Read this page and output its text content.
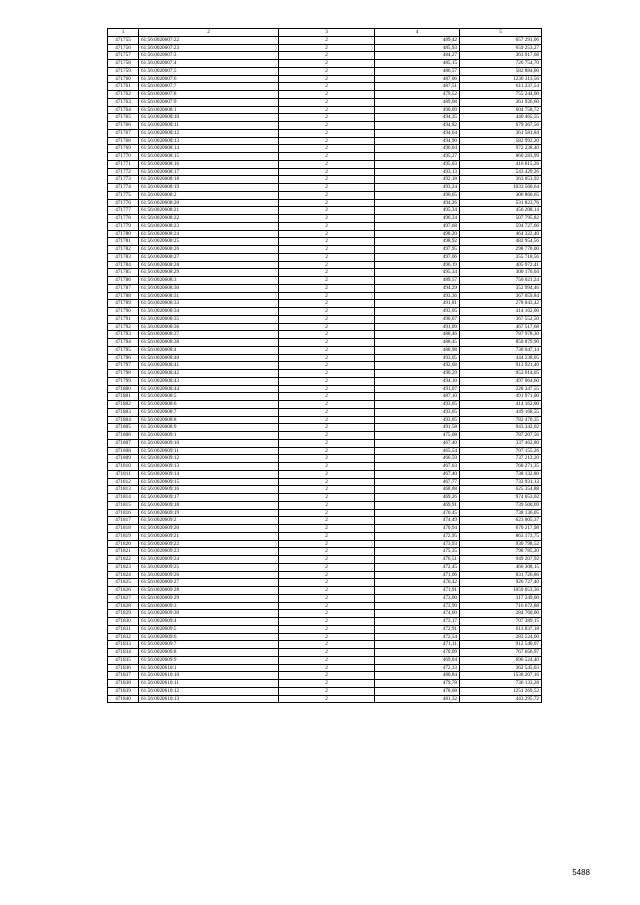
1	2	3	4	5
471755	61:56:0020607:22	2	489,42	657 291,06
471756	61:56:0020607:23	2	485,93	659 253,27
471757	61:56:0020607:3	2	484,27	363 917,68
471758	61:56:0020607:4	2	485,15	726 754,70
471759	61:56:0020607:5	2	486,57	582 884,00
471760	61:56:0020607:6	2	487,06	1230 313,56
471761	61:56:0020607:7	2	487,51	611 337,54
471762	61:56:0020607:8	2	479,52	755 244,00
471763	61:56:0020607:9	2	489,08	361 926,60
471764	61:56:0020608:1	2	490,09	604 758,72
471765	61:56:0020608:10	2	494,35	440 465,55
471766	61:56:0020608:11	2	494,82	679 367,56
471767	61:56:0020608:12	2	494,64	361 581,84
471768	61:56:0020608:13	2	494,90	582 992,20
471769	61:56:0020608:14	2	496,04	972 238,40
471770	61:56:0020608:15	2	495,27	860 283,99
471771	61:56:0020608:16	2	495,03	416 815,26
471772	61:56:0020608:17	2	493,13	543 429,26
471773	61:56:0020608:18	2	492,18	363 053,92
471774	61:56:0020608:19	2	493,24	1033 560,64
471775	61:56:0020608:2	2	490,65	306 860,65
471776	61:56:0020608:20	2	494,26	531 823,76
471777	61:56:0020608:21	2	495,34	456 208,14
471778	61:56:0020608:22	2	496,34	507 795,82
471779	61:56:0020608:23	2	497,68	594 727,66
471780	61:56:0020608:24	2	498,20	464 322,40
471781	61:56:0020608:25	2	498,92	482 954,56
471782	61:56:0020608:26	2	497,95	298 770,00
471783	61:56:0020608:27	2	497,06	355 718,56
471784	61:56:0020608:28	2	496,19	405 972,41
471785	61:56:0020608:29	2	495,34	300 176,04
471786	61:56:0020608:3	2	489,57	750 021,24
471787	61:56:0020608:30	2	494,29	352 994,46
471788	61:56:0020608:31	2	493,36	367 059,84
471789	61:56:0020608:33	2	491,81	278 043,42
471790	61:56:0020608:34	2	493,05	414 162,00
471791	61:56:0020608:35	2	490,07	367 552,50
471792	61:56:0020608:36	2	491,09	467 517,68
471793	61:56:0020608:37	2	488,46	787 978,30
471794	61:56:0020608:38	2	488,45	850 879,90
471795	61:56:0020608:4	2	488,98	730 047,14
471796	61:56:0020608:40	2	493,05	444 238,05
471797	61:56:0020608:41	2	492,68	913 921,40
471798	61:56:0020608:42	2	490,29	953 614,05
471799	61:56:0020608:43	2	494,10	497 064,60
471800	61:56:0020608:44	2	491,07	228 347,55
471801	61:56:0020608:5	2	487,10	491 971,00
471802	61:56:0020608:6	2	493,05	414 162,00
471803	61:56:0020608:7	2	493,05	449 168,55
471804	61:56:0020608:8	2	493,05	782 470,35
471805	61:56:0020608:9	2	491,58	943 342,02
471806	61:56:0020609:1	2	475,08	787 207,56
471807	61:56:0020609:10	2	467,40	337 462,80
471808	61:56:0020609:11	2	465,54	707 155,26
471809	61:56:0020609:12	2	466,59	737 212,20
471810	61:56:0020609:13	2	467,03	768 271,35
471811	61:56:0020609:14	2	467,40	738 132,80
471812	61:56:0020609:15	2	467,77	733 931,13
471813	61:56:0020609:16	2	468,08	625 354,88
471814	61:56:0020609:17	2	469,26	974 653,02
471815	61:56:0020609:18	2	469,91	739 500,69
471816	61:56:0020609:19	2	470,45	738 136,05
471817	61:56:0020609:2	2	474,49	623 005,37
471818	61:56:0020609:20	2	470,94	670 217,98
471819	61:56:0020609:21	2	472,95	863 173,75
471820	61:56:0020609:22	2	473,93	930 798,52
471821	61:56:0020609:23	2	475,35	798 785,20
471822	61:56:0020609:24	2	476,51	949 207,92
471823	61:56:0020609:25	2	472,45	466 308,15
471824	61:56:0020609:26	2	471,66	831 726,86
471825	61:56:0020609:27	2	470,42	926 727,40
471826	61:56:0020609:28	2	471,91	1059 053,36
471827	61:56:0020609:29	2	473,00	317 249,00
471828	61:56:0020609:3	2	473,99	716 672,88
471829	61:56:0020609:30	2	474,60	284 760,00
471830	61:56:0020609:4	2	473,17	707 389,15
471831	61:56:0020609:5	2	472,91	613 837,18
471832	61:56:0020609:6	2	472,54	283 524,00
471833	61:56:0020609:7	2	471,11	912 540,07
471834	61:56:0020609:8	2	470,09	767 656,97
471835	61:56:0020609:9	2	469,04	696 524,40
471836	61:56:0020610:1	2	472,33	362 545,03
471837	61:56:0020610:10	2	480,84	1538 207,16
471838	61:56:0020610:11	2	479,78	736 133,28
471839	61:56:0020610:12	2	478,68	1251 269,52
471840	61:56:0020610:13	2	481,32	443 295,72
5488
